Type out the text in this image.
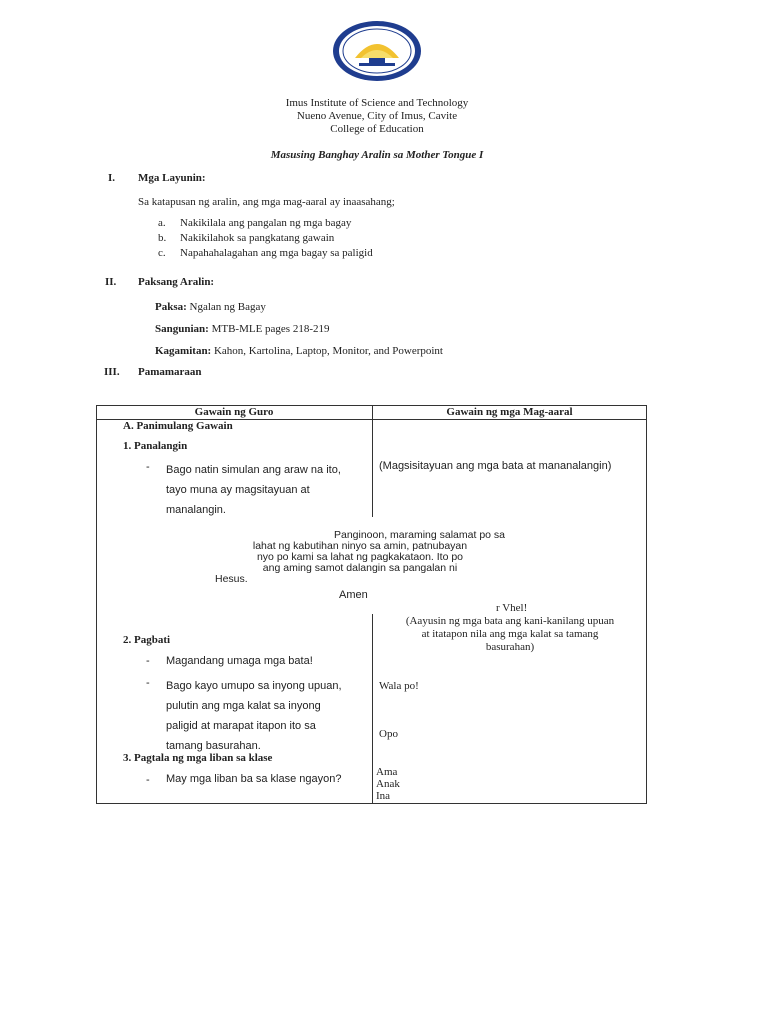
Imus Institute of Science and Technology
Nueno Avenue, City of Imus, Cavite
College of Education
Masusing Banghay Aralin sa Mother Tongue I
I. Mga Layunin:
Sa katapusan ng aralin, ang mga mag-aaral ay inaasahang;
a. Nakikilala ang pangalan ng mga bagay
b. Nakikilahok sa pangkatang gawain
c. Napahahalagahan ang mga bagay sa paligid
II. Paksang Aralin:
Paksa: Ngalan ng Bagay
Sangunian: MTB-MLE pages 218-219
Kagamitan: Kahon, Kartolina, Laptop, Monitor, and Powerpoint
III. Pamamaraan
Gawain ng Guro	Gawain ng mga Mag-aaral
A. Panimulang Gawain
1. Panalangin
- Bago natin simulan ang araw na ito,
tayo muna ay magsitayuan at
manalangin.
(Magsisitayuan ang mga bata at mananalangin)
Panginoon, maraming salamat po sa
lahat ng kabutihan ninyo sa amin, patnubayan
nyo po kami sa lahat ng pagkakataon. Ito po
ang aming samot dalangin sa pangalan ni
Hesus.
Amen
r Vhel!
(Aayusin ng mga bata ang kani-kanilang upuan
at itatapon nila ang mga kalat sa tamang
basurahan)
2. Pagbati
- Magandang umaga mga bata!
- Bago kayo umupo sa inyong upuan,
pulutin ang mga kalat sa inyong
paligid at marapat itapon ito sa
tamang basurahan.
Wala po!
Opo
3. Pagtala ng mga liban sa klase
- May mga liban ba sa klase ngayon?
Ama
Anak
Ina
